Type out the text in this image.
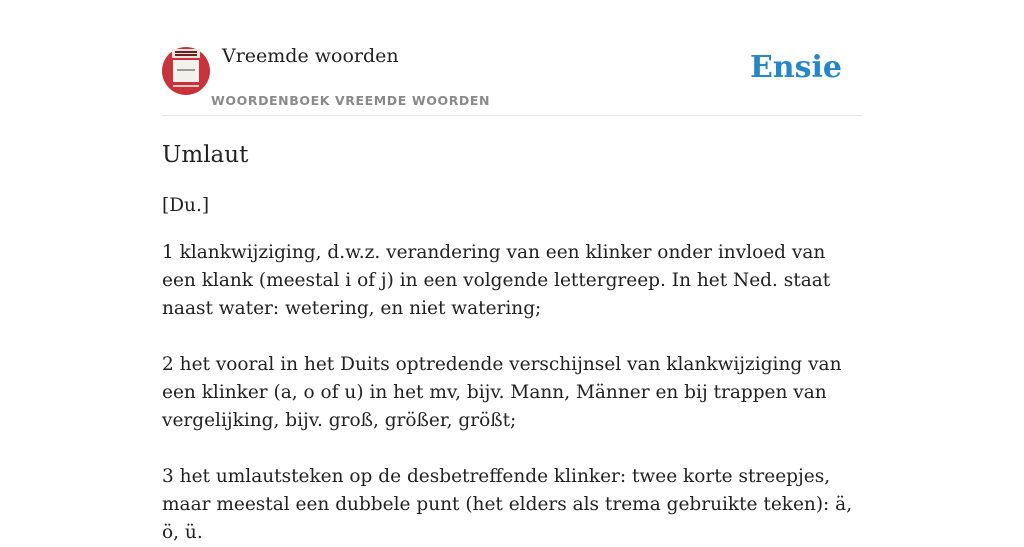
Vreemde woorden
WOORDENBOEK VREEMDE WOORDEN
Ensie
Umlaut

[Du.]

1 klankwijziging, d.w.z. verandering van een klinker onder invloed van een klank (meestal i of j) in een volgende lettergreep. In het Ned. staat naast water: wetering, en niet watering;

2 het vooral in het Duits optredende verschijnsel van klankwijziging van een klinker (a, o of u) in het mv, bijv. Mann, Männer en bij trappen van vergelijking, bijv. groß, größer, größt;

3 het umlautsteken op de desbetreffende klinker: twee korte streepjes, maar meestal een dubbele punt (het elders als trema gebruikte teken): ä, ö, ü.
